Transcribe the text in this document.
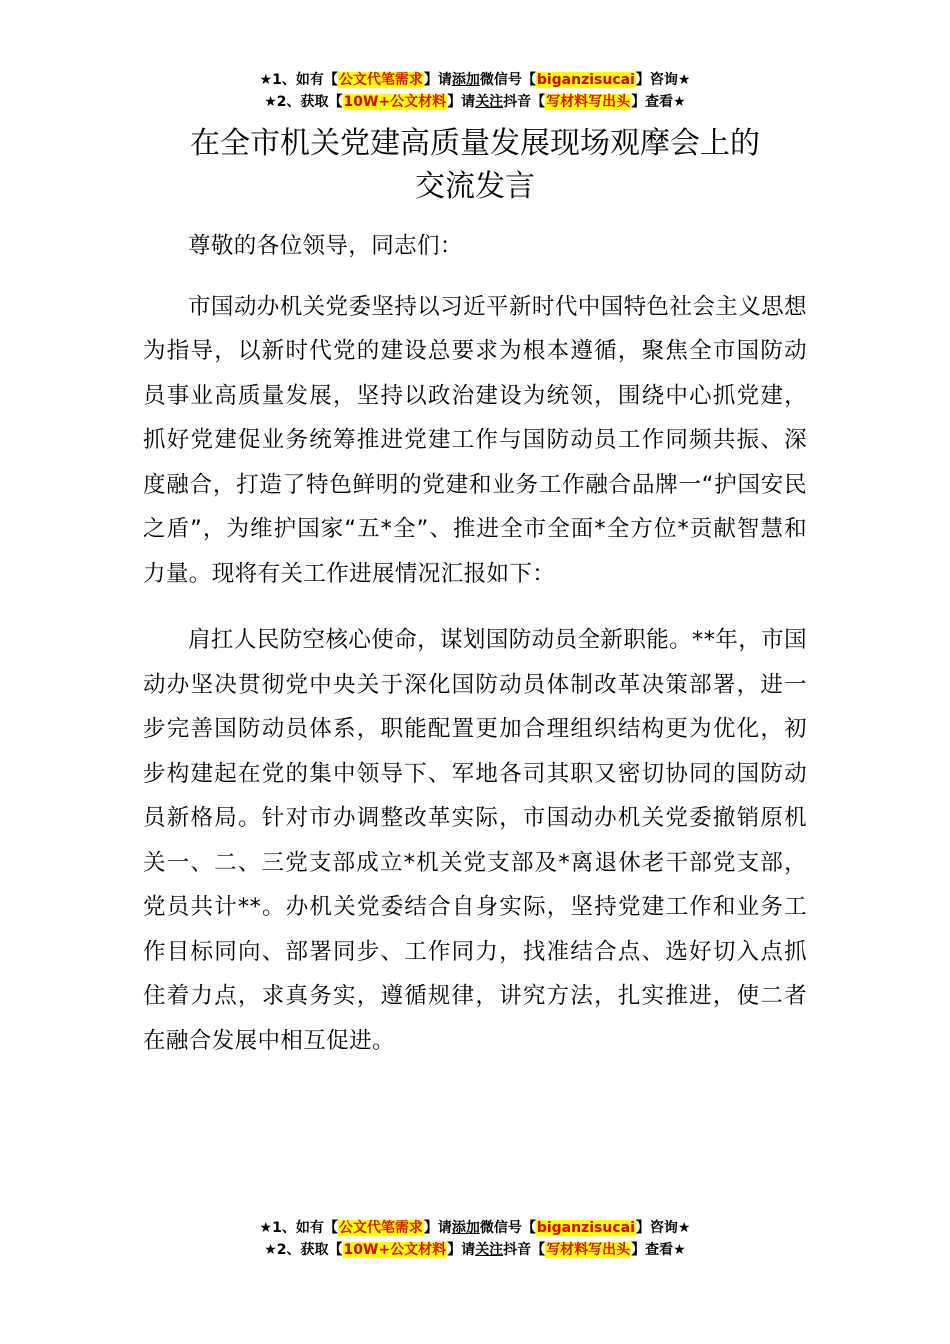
★1、如有【公文代笔需求】请添加微信号【biganzisucai】咨询★
★2、获取【10W+公文材料】请关注抖音【写材料写出头】查看★
在全市机关党建高质量发展现场观摩会上的
交流发言

尊敬的各位领导，同志们：

市国动办机关党委坚持以习近平新时代中国特色社会主义思想为指导，以新时代党的建设总要求为根本遵循，聚焦全市国防动员事业高质量发展，坚持以政治建设为统领，围绕中心抓党建，抓好党建促业务统筹推进党建工作与国防动员工作同频共振、深度融合，打造了特色鲜明的党建和业务工作融合品牌一“护国安民之盾”，为维护国家“五*全”、推进全市全面*全方位*贡献智慧和力量。现将有关工作进展情况汇报如下：

肩扛人民防空核心使命，谋划国防动员全新职能。**年，市国动办坚决贯彻党中央关于深化国防动员体制改革决策部署，进一步完善国防动员体系，职能配置更加合理组织结构更为优化，初步构建起在党的集中领导下、军地各司其职又密切协同的国防动员新格局。针对市办调整改革实际，市国动办机关党委撤销原机关一、二、三党支部成立*机关党支部及*离退休老干部党支部，党员共计**。办机关党委结合自身实际，坚持党建工作和业务工作目标同向、部署同步、工作同力，找准结合点、选好切入点抓住着力点，求真务实，遵循规律，讲究方法，扎实推进，使二者在融合发展中相互促进。

★1、如有【公文代笔需求】请添加微信号【biganzisucai】咨询★
★2、获取【10W+公文材料】请关注抖音【写材料写出头】查看★
